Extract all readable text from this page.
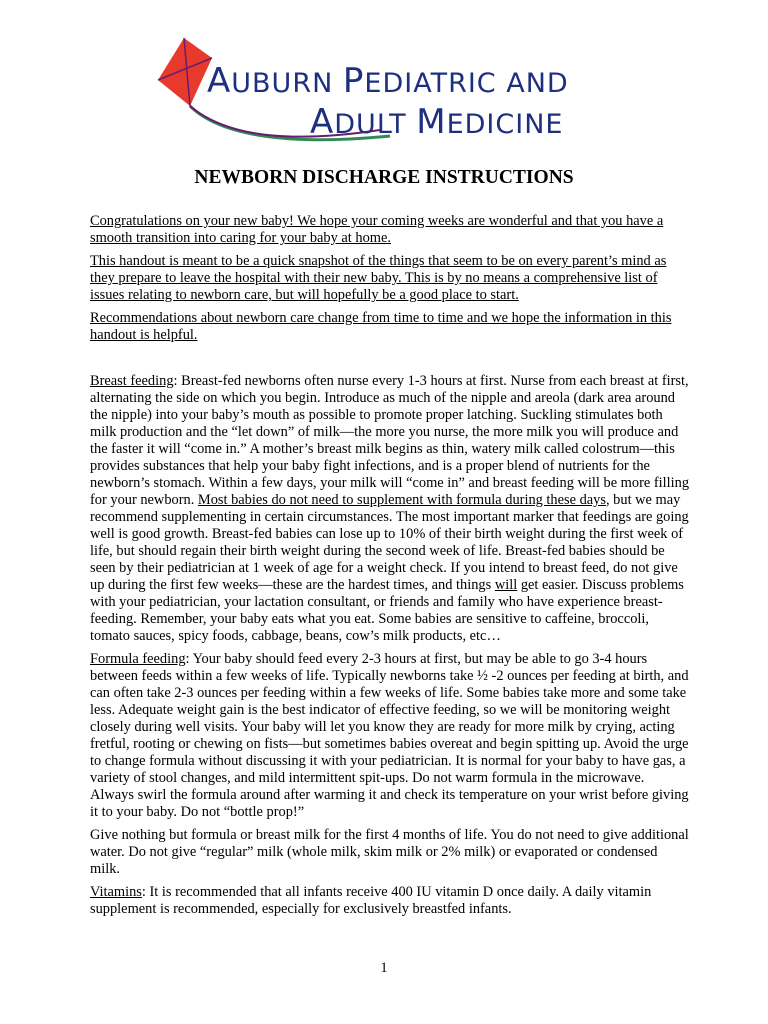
AUBURN PEDIATRIC AND
ADULT MEDICINE
NEWBORN DISCHARGE INSTRUCTIONS

Congratulations on your new baby! We hope your coming weeks are wonderful and that you have a smooth transition into caring for your baby at home.

This handout is meant to be a quick snapshot of the things that seem to be on every parent’s mind as they prepare to leave the hospital with their new baby. This is by no means a comprehensive list of issues relating to newborn care, but will hopefully be a good place to start.

Recommendations about newborn care change from time to time and we hope the information in this handout is helpful.

Breast feeding: Breast-fed newborns often nurse every 1-3 hours at first. Nurse from each breast at first, alternating the side on which you begin. Introduce as much of the nipple and areola (dark area around the nipple) into your baby’s mouth as possible to promote proper latching. Suckling stimulates both milk production and the “let down” of milk—the more you nurse, the more milk you will produce and the faster it will “come in.” A mother’s breast milk begins as thin, watery milk called colostrum—this provides substances that help your baby fight infections, and is a proper blend of nutrients for the newborn’s stomach. Within a few days, your milk will “come in” and breast feeding will be more filling for your newborn. Most babies do not need to supplement with formula during these days, but we may recommend supplementing in certain circumstances. The most important marker that feedings are going well is good growth. Breast-fed babies can lose up to 10% of their birth weight during the first week of life, but should regain their birth weight during the second week of life. Breast-fed babies should be seen by their pediatrician at 1 week of age for a weight check. If you intend to breast feed, do not give up during the first few weeks—these are the hardest times, and things will get easier. Discuss problems with your pediatrician, your lactation consultant, or friends and family who have experience breast-feeding. Remember, your baby eats what you eat. Some babies are sensitive to caffeine, broccoli, tomato sauces, spicy foods, cabbage, beans, cow’s milk products, etc…

Formula feeding: Your baby should feed every 2-3 hours at first, but may be able to go 3-4 hours between feeds within a few weeks of life. Typically newborns take ½ -2 ounces per feeding at birth, and can often take 2-3 ounces per feeding within a few weeks of life. Some babies take more and some take less. Adequate weight gain is the best indicator of effective feeding, so we will be monitoring weight closely during well visits. Your baby will let you know they are ready for more milk by crying, acting fretful, rooting or chewing on fists—but sometimes babies overeat and begin spitting up. Avoid the urge to change formula without discussing it with your pediatrician. It is normal for your baby to have gas, a variety of stool changes, and mild intermittent spit-ups. Do not warm formula in the microwave. Always swirl the formula around after warming it and check its temperature on your wrist before giving it to your baby. Do not “bottle prop!”

Give nothing but formula or breast milk for the first 4 months of life. You do not need to give additional water. Do not give “regular” milk (whole milk, skim milk or 2% milk) or evaporated or condensed milk.

Vitamins: It is recommended that all infants receive 400 IU vitamin D once daily. A daily vitamin supplement is recommended, especially for exclusively breastfed infants.

1
